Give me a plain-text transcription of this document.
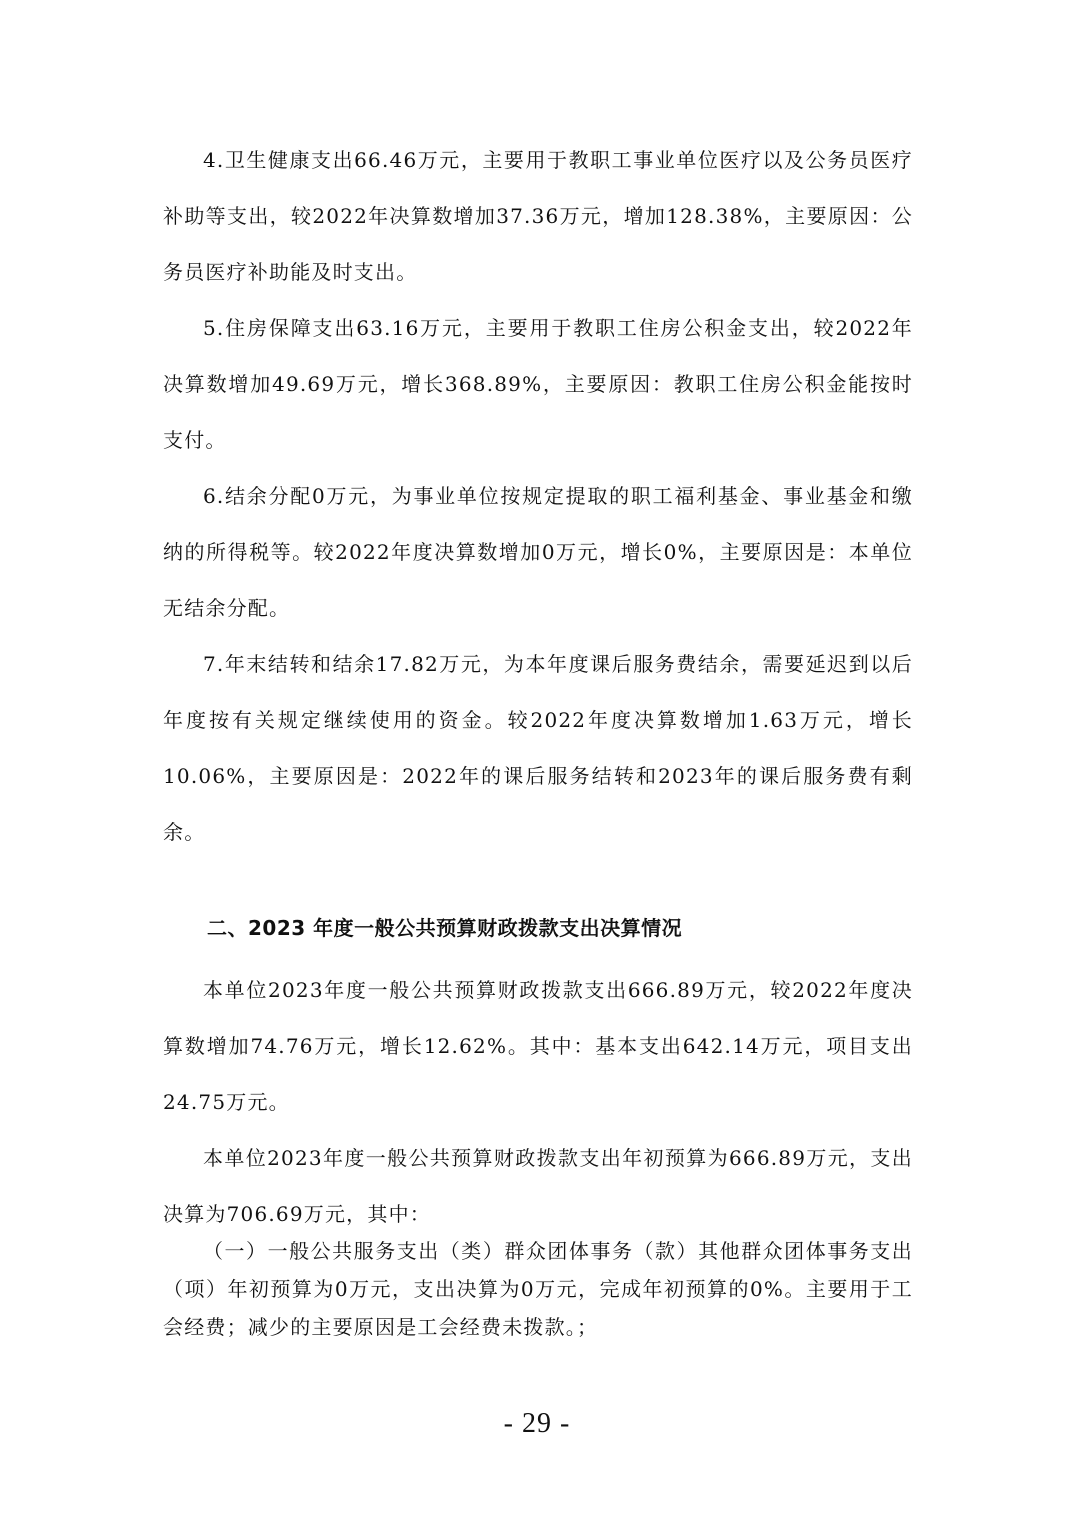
4.卫生健康支出66.46万元，主要用于教职工事业单位医疗以及公务员医疗补助等支出，较2022年决算数增加37.36万元，增加128.38%，主要原因：公务员医疗补助能及时支出。

5.住房保障支出63.16万元，主要用于教职工住房公积金支出，较2022年决算数增加49.69万元，增长368.89%，主要原因：教职工住房公积金能按时支付。

6.结余分配0万元，为事业单位按规定提取的职工福利基金、事业基金和缴纳的所得税等。较2022年度决算数增加0万元，增长0%，主要原因是：本单位无结余分配。

7.年末结转和结余17.82万元，为本年度课后服务费结余，需要延迟到以后年度按有关规定继续使用的资金。较2022年度决算数增加1.63万元，增长10.06%，主要原因是：2022年的课后服务结转和2023年的课后服务费有剩余。

二、2023 年度一般公共预算财政拨款支出决算情况

本单位2023年度一般公共预算财政拨款支出666.89万元，较2022年度决算数增加74.76万元，增长12.62%。其中：基本支出642.14万元，项目支出24.75万元。

本单位2023年度一般公共预算财政拨款支出年初预算为666.89万元，支出决算为706.69万元，其中：

（一）一般公共服务支出（类）群众团体事务（款）其他群众团体事务支出（项）年初预算为0万元，支出决算为0万元，完成年初预算的0%。主要用于工会经费；减少的主要原因是工会经费未拨款。；

- 29 -
